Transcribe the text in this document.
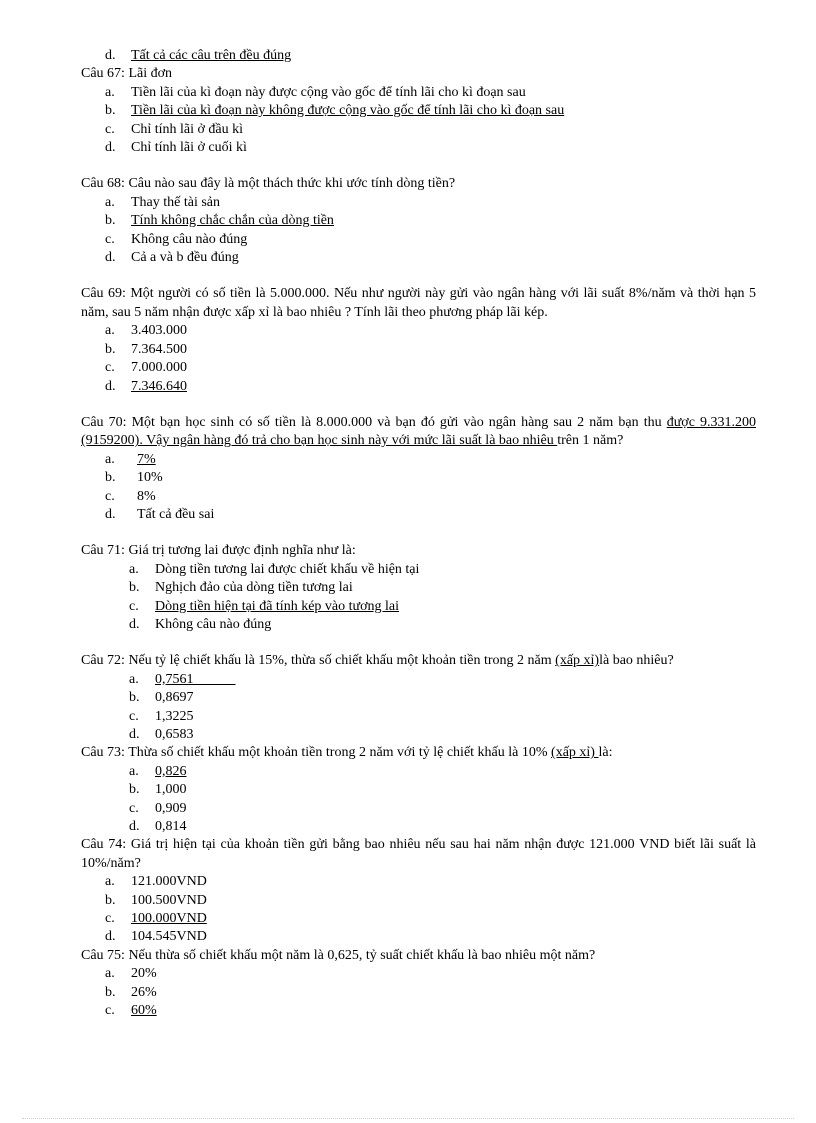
d.	Tất cả các câu trên đều đúng

Câu 67: Lãi đơn

a.	Tiền lãi của kì đoạn này được cộng vào gốc để tính lãi cho kì đoạn sau
b.	Tiền lãi của kì đoạn này không được cộng vào gốc để tính lãi cho kì đoạn sau
c.	Chỉ tính lãi ở đầu kì
d.	Chỉ tính lãi ở cuối kì

Câu 68: Câu nào sau đây là một thách thức khi ước tính dòng tiền?

a.	Thay thế tài sản
b.	Tính không chắc chắn của dòng tiền
c.	Không câu nào đúng
d.	Cả a và b đều đúng

Câu 69: Một người có số tiền là 5.000.000. Nếu như người này gửi vào ngân hàng với lãi suất 8%/năm và thời hạn 5 năm, sau 5 năm nhận được xấp xỉ là bao nhiêu ? Tính lãi theo phương pháp lãi kép.

a.	3.403.000
b.	7.364.500
c.	7.000.000
d.	7.346.640

Câu 70: Một bạn học sinh có số tiền là 8.000.000 và bạn đó gửi vào ngân hàng sau 2 năm bạn thu được 9.331.200 (9159200). Vậy ngân hàng đó trả cho bạn học sinh này với mức lãi suất là bao nhiêu trên 1 năm?

a.	7%
b.	10%
c.	8%
d.	Tất cả đều sai

Câu 71: Giá trị tương lai được định nghĩa như là:

a.	Dòng tiền tương lai được chiết khấu về hiện tại
b.	Nghịch đảo của dòng tiền tương lai
c.	Dòng tiền hiện tại đã tính kép vào tương lai
d.	Không câu nào đúng

Câu 72: Nếu tỷ lệ chiết khấu là 15%, thừa số chiết khấu một khoản tiền trong 2 năm (xấp xỉ)là bao nhiêu?

a.	0,7561
b.	0,8697
c.	1,3225
d.	0,6583

Câu 73: Thừa số chiết khấu một khoản tiền trong 2 năm với tỷ lệ chiết khấu là 10% (xấp xỉ) là:

a.	0,826
b.	1,000
c.	0,909
d.	0,814

Câu 74: Giá trị hiện tại của khoản tiền gửi bằng bao nhiêu nếu sau hai năm nhận được 121.000 VND biết lãi suất là 10%/năm?

a.	121.000VND
b.	100.500VND
c.	100.000VND
d.	104.545VND

Câu 75: Nếu thừa số chiết khấu một năm là 0,625, tỷ suất chiết khấu là bao nhiêu một năm?

a.	20%
b.	26%
c.	60%
